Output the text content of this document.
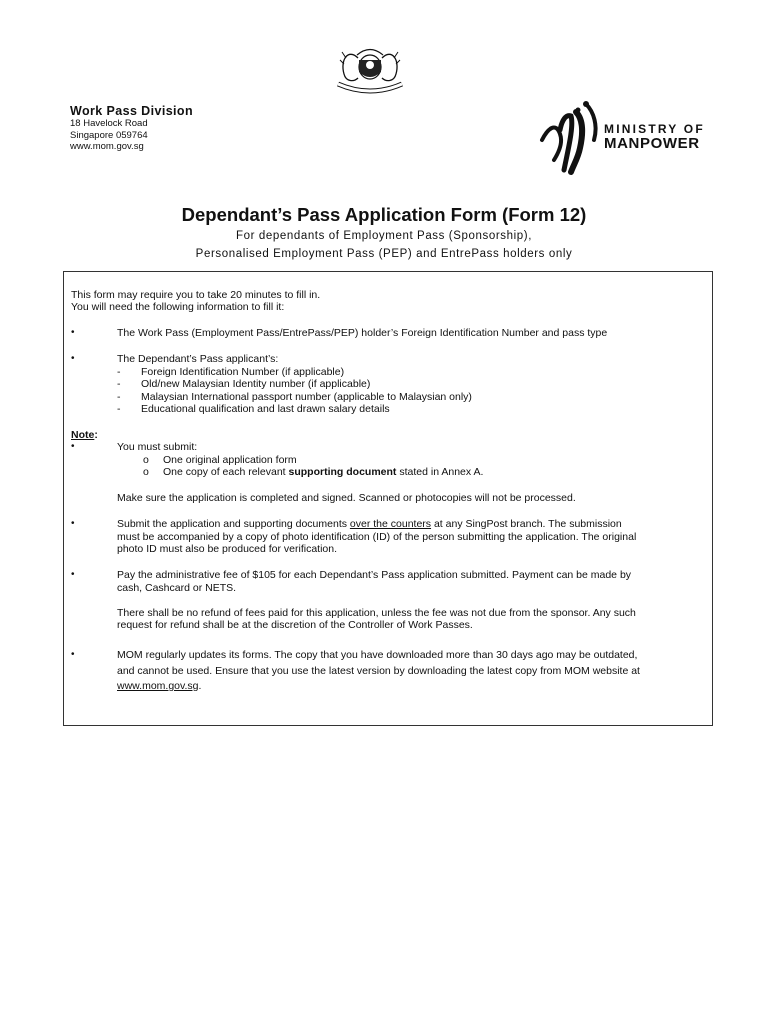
Work Pass Division
18 Havelock Road
Singapore 059764
www.mom.gov.sg
MINISTRY OF
MANPOWER
Dependant’s Pass Application Form (Form 12)
For dependants of Employment Pass (Sponsorship),
Personalised Employment Pass (PEP) and EntrePass holders only
This form may require you to take 20 minutes to fill in.
You will need the following information to fill it:
•	The Work Pass (Employment Pass/EntrePass/PEP) holder’s Foreign Identification Number and pass type
•	The Dependant’s Pass applicant’s:
- Foreign Identification Number (if applicable)
- Old/new Malaysian Identity number (if applicable)
- Malaysian International passport number (applicable to Malaysian only)
- Educational qualification and last drawn salary details
Note:
•	You must submit:
o One original application form
o One copy of each relevant supporting document stated in Annex A.
Make sure the application is completed and signed. Scanned or photocopies will not be processed.
•	Submit the application and supporting documents over the counters at any SingPost branch. The submission
must be accompanied by a copy of photo identification (ID) of the person submitting the application. The original
photo ID must also be produced for verification.
•	Pay the administrative fee of $105 for each Dependant’s Pass application submitted. Payment can be made by
cash, Cashcard or NETS.
There shall be no refund of fees paid for this application, unless the fee was not due from the sponsor. Any such
request for refund shall be at the discretion of the Controller of Work Passes.
•	MOM regularly updates its forms. The copy that you have downloaded more than 30 days ago may be outdated,
and cannot be used. Ensure that you use the latest version by downloading the latest copy from MOM website at
www.mom.gov.sg.
